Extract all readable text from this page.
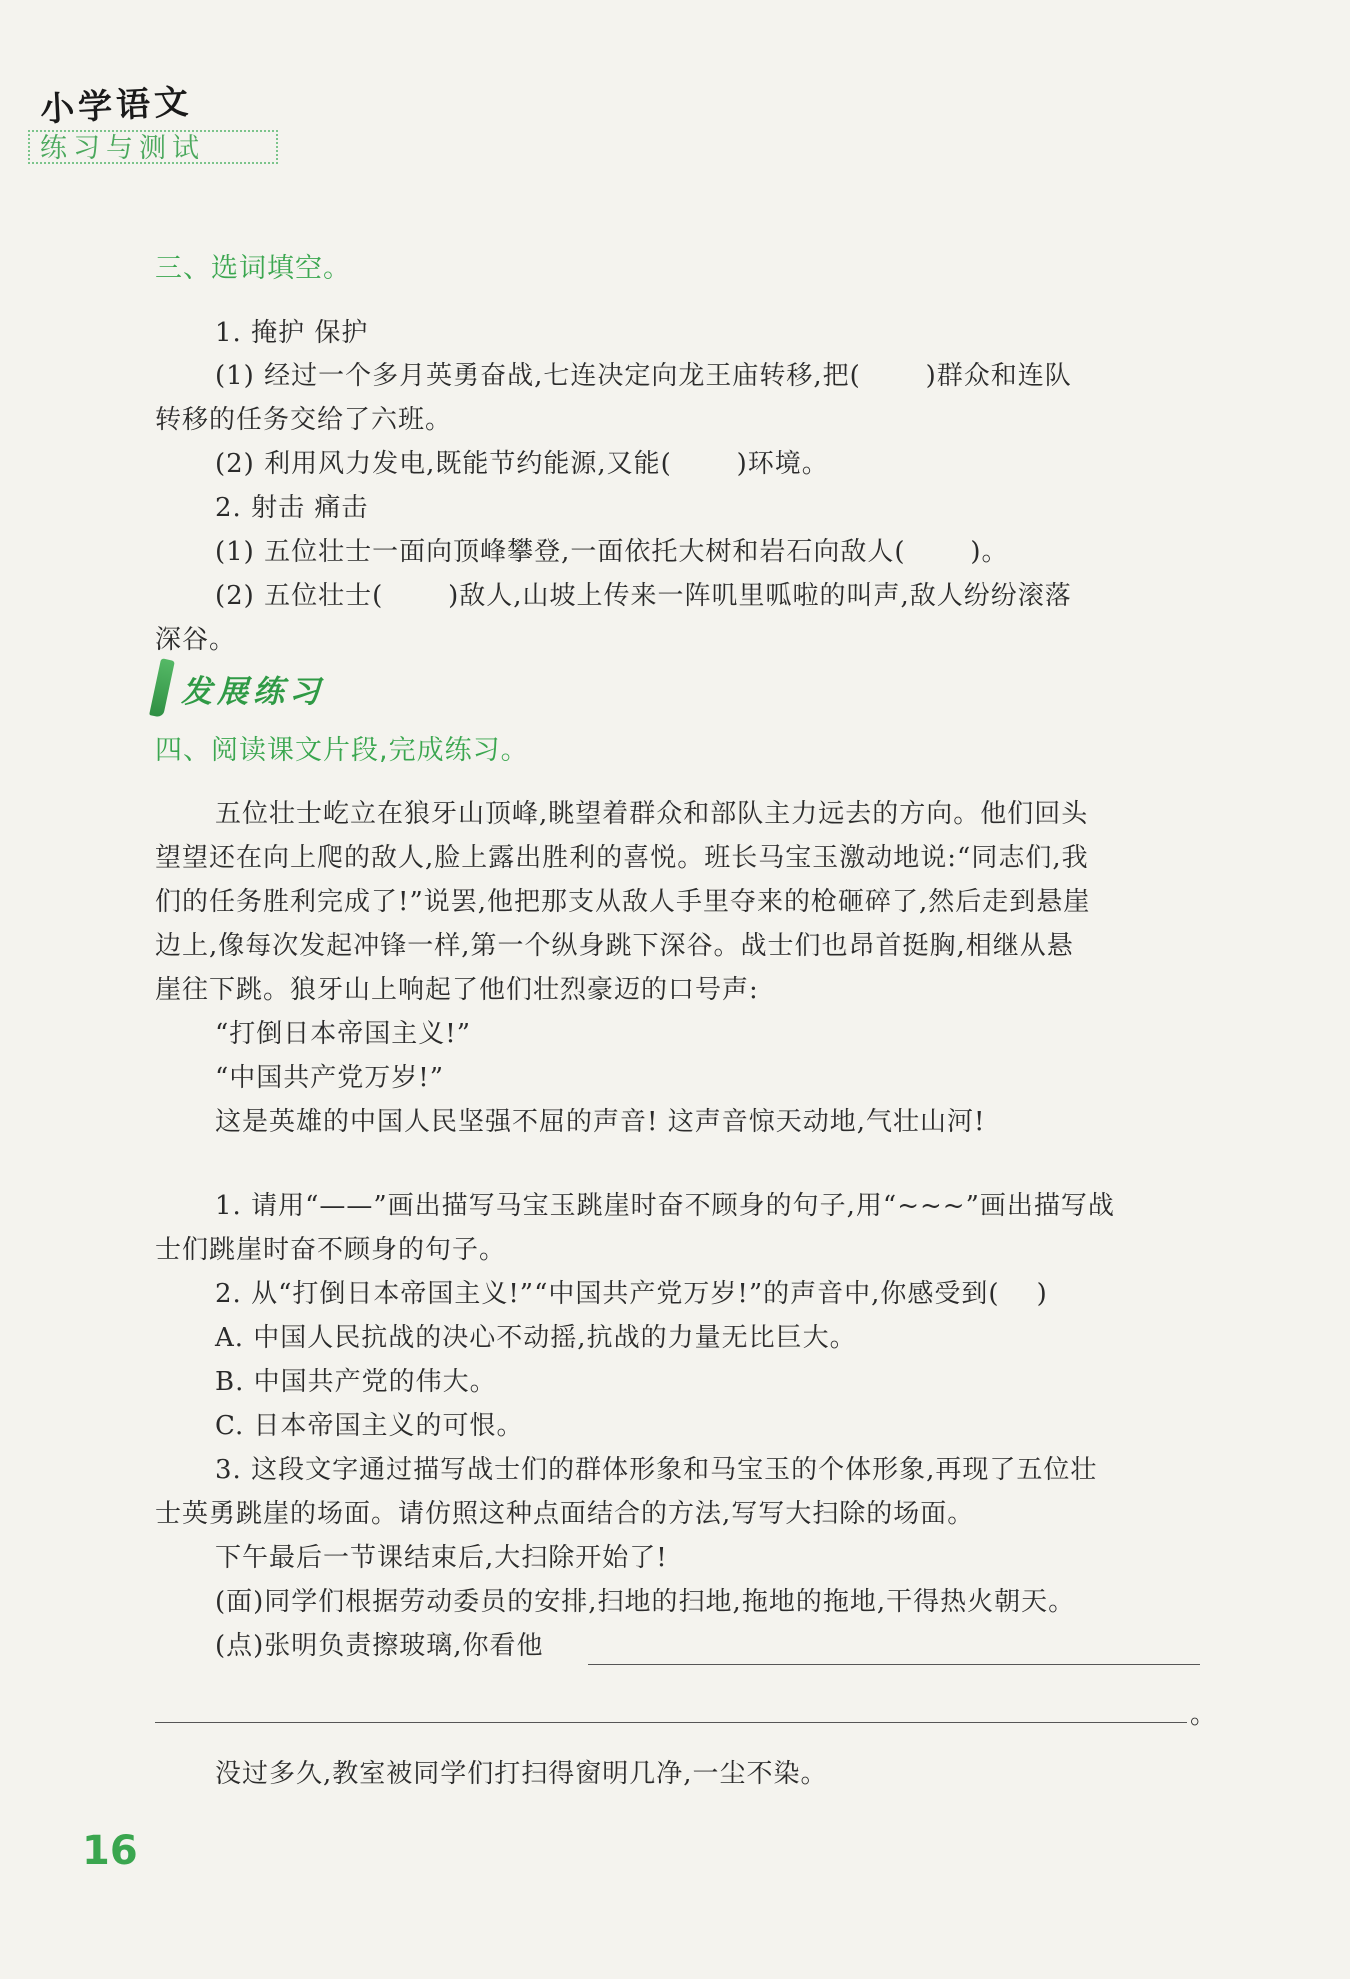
小学语文
练习与测试
三、选词填空。
1. 掩护 保护
(1) 经过一个多月英勇奋战,七连决定向龙王庙转移,把(       )群众和连队
转移的任务交给了六班。
(2) 利用风力发电,既能节约能源,又能(       )环境。
2. 射击 痛击
(1) 五位壮士一面向顶峰攀登,一面依托大树和岩石向敌人(       )。
(2) 五位壮士(       )敌人,山坡上传来一阵叽里呱啦的叫声,敌人纷纷滚落
深谷。
发展练习
四、阅读课文片段,完成练习。
五位壮士屹立在狼牙山顶峰,眺望着群众和部队主力远去的方向。他们回头
望望还在向上爬的敌人,脸上露出胜利的喜悦。班长马宝玉激动地说:“同志们,我
们的任务胜利完成了!”说罢,他把那支从敌人手里夺来的枪砸碎了,然后走到悬崖
边上,像每次发起冲锋一样,第一个纵身跳下深谷。战士们也昂首挺胸,相继从悬
崖往下跳。狼牙山上响起了他们壮烈豪迈的口号声:
“打倒日本帝国主义!”
“中国共产党万岁!”
这是英雄的中国人民坚强不屈的声音! 这声音惊天动地,气壮山河!
1. 请用“——”画出描写马宝玉跳崖时奋不顾身的句子,用“~~~”画出描写战
士们跳崖时奋不顾身的句子。
2. 从“打倒日本帝国主义!”“中国共产党万岁!”的声音中,你感受到(    )
A. 中国人民抗战的决心不动摇,抗战的力量无比巨大。
B. 中国共产党的伟大。
C. 日本帝国主义的可恨。
3. 这段文字通过描写战士们的群体形象和马宝玉的个体形象,再现了五位壮
士英勇跳崖的场面。请仿照这种点面结合的方法,写写大扫除的场面。
下午最后一节课结束后,大扫除开始了!
(面)同学们根据劳动委员的安排,扫地的扫地,拖地的拖地,干得热火朝天。
(点)张明负责擦玻璃,你看他
。
没过多久,教室被同学们打扫得窗明几净,一尘不染。
16
